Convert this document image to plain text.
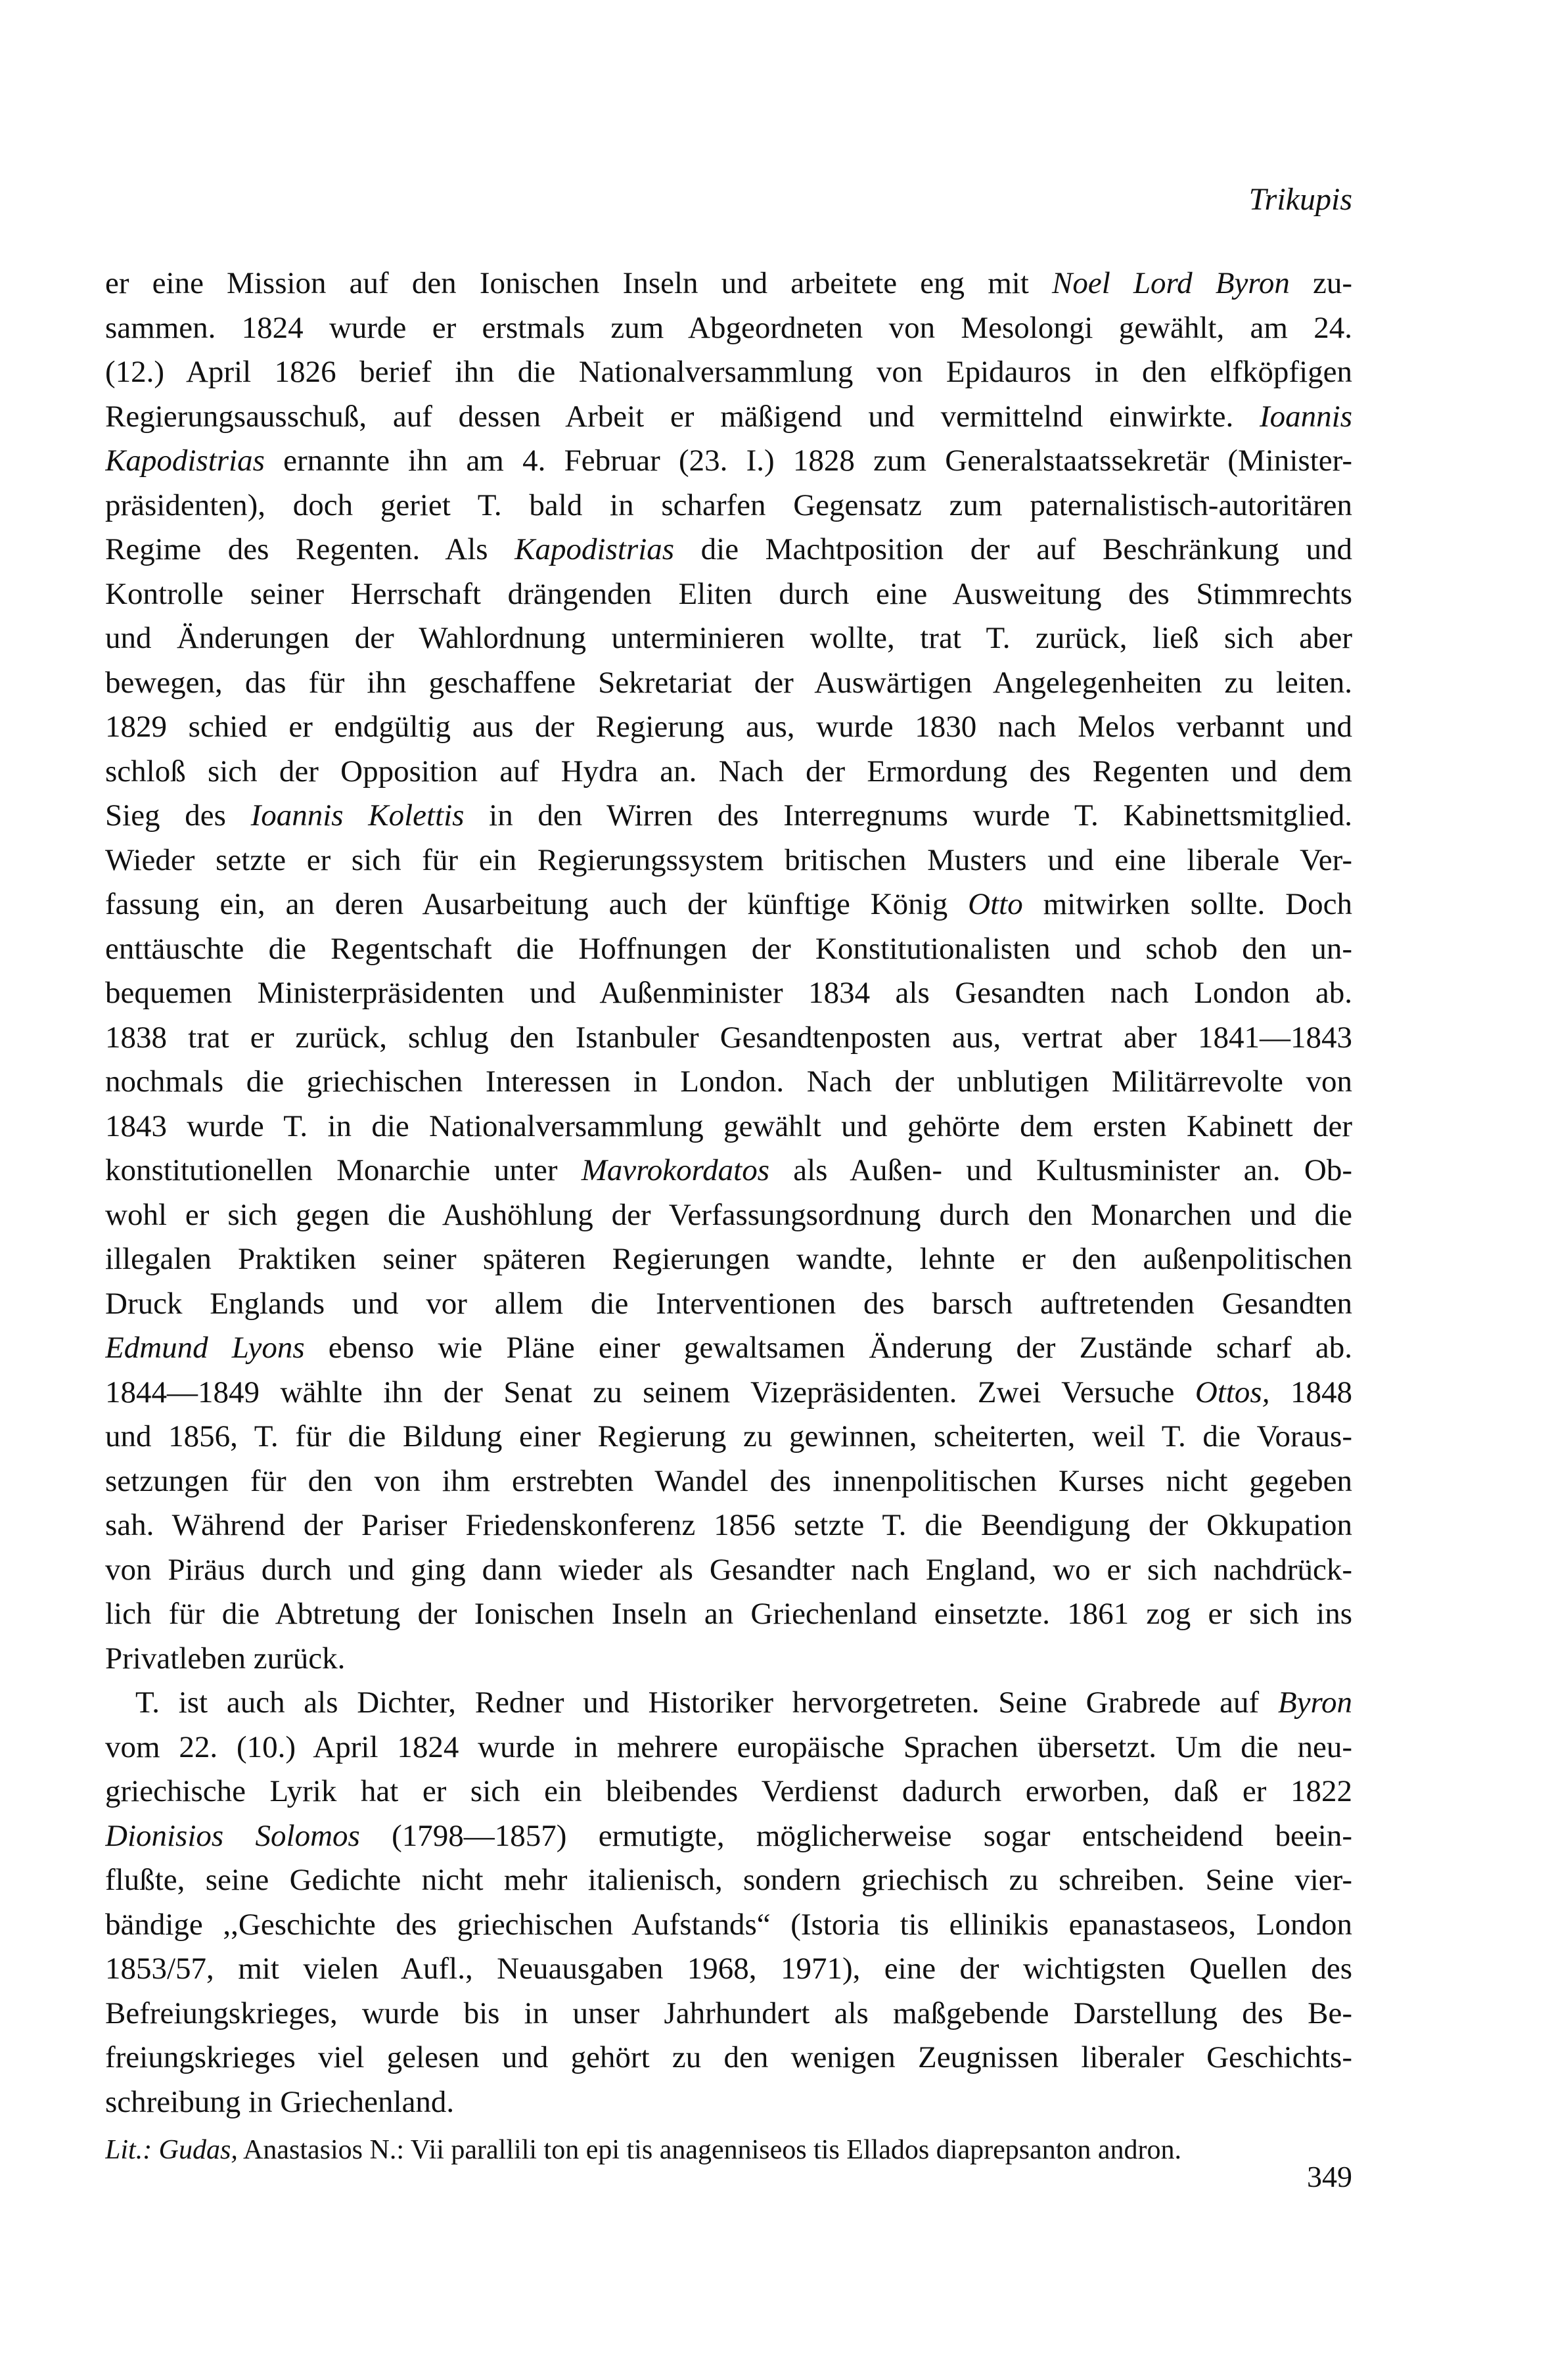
Trikupis
er eine Mission auf den Ionischen Inseln und arbeitete eng mit Noel Lord Byron zu-
sammen. 1824 wurde er erstmals zum Abgeordneten von Mesolongi gewählt, am 24.
(12.) April 1826 berief ihn die Nationalversammlung von Epidauros in den elfköpfigen
Regierungsausschuß, auf dessen Arbeit er mäßigend und vermittelnd einwirkte. Ioannis
Kapodistrias ernannte ihn am 4. Februar (23. I.) 1828 zum Generalstaatssekretär (Minister-
präsidenten), doch geriet T. bald in scharfen Gegensatz zum paternalistisch-autoritären
Regime des Regenten. Als Kapodistrias die Machtposition der auf Beschränkung und
Kontrolle seiner Herrschaft drängenden Eliten durch eine Ausweitung des Stimmrechts
und Änderungen der Wahlordnung unterminieren wollte, trat T. zurück, ließ sich aber
bewegen, das für ihn geschaffene Sekretariat der Auswärtigen Angelegenheiten zu leiten.
1829 schied er endgültig aus der Regierung aus, wurde 1830 nach Melos verbannt und
schloß sich der Opposition auf Hydra an. Nach der Ermordung des Regenten und dem
Sieg des Ioannis Kolettis in den Wirren des Interregnums wurde T. Kabinettsmitglied.
Wieder setzte er sich für ein Regierungssystem britischen Musters und eine liberale Ver-
fassung ein, an deren Ausarbeitung auch der künftige König Otto mitwirken sollte. Doch
enttäuschte die Regentschaft die Hoffnungen der Konstitutionalisten und schob den un-
bequemen Ministerpräsidenten und Außenminister 1834 als Gesandten nach London ab.
1838 trat er zurück, schlug den Istanbuler Gesandtenposten aus, vertrat aber 1841—1843
nochmals die griechischen Interessen in London. Nach der unblutigen Militärrevolte von
1843 wurde T. in die Nationalversammlung gewählt und gehörte dem ersten Kabinett der
konstitutionellen Monarchie unter Mavrokordatos als Außen- und Kultusminister an. Ob-
wohl er sich gegen die Aushöhlung der Verfassungsordnung durch den Monarchen und die
illegalen Praktiken seiner späteren Regierungen wandte, lehnte er den außenpolitischen
Druck Englands und vor allem die Interventionen des barsch auftretenden Gesandten
Edmund Lyons ebenso wie Pläne einer gewaltsamen Änderung der Zustände scharf ab.
1844—1849 wählte ihn der Senat zu seinem Vizepräsidenten. Zwei Versuche Ottos, 1848
und 1856, T. für die Bildung einer Regierung zu gewinnen, scheiterten, weil T. die Voraus-
setzungen für den von ihm erstrebten Wandel des innenpolitischen Kurses nicht gegeben
sah. Während der Pariser Friedenskonferenz 1856 setzte T. die Beendigung der Okkupation
von Piräus durch und ging dann wieder als Gesandter nach England, wo er sich nachdrück-
lich für die Abtretung der Ionischen Inseln an Griechenland einsetzte. 1861 zog er sich ins
Privatleben zurück.
T. ist auch als Dichter, Redner und Historiker hervorgetreten. Seine Grabrede auf Byron
vom 22. (10.) April 1824 wurde in mehrere europäische Sprachen übersetzt. Um die neu-
griechische Lyrik hat er sich ein bleibendes Verdienst dadurch erworben, daß er 1822
Dionisios Solomos (1798—1857) ermutigte, möglicherweise sogar entscheidend beein-
flußte, seine Gedichte nicht mehr italienisch, sondern griechisch zu schreiben. Seine vier-
bändige ,,Geschichte des griechischen Aufstands“ (Istoria tis ellinikis epanastaseos, London
1853/57, mit vielen Aufl., Neuausgaben 1968, 1971), eine der wichtigsten Quellen des
Befreiungskrieges, wurde bis in unser Jahrhundert als maßgebende Darstellung des Be-
freiungskrieges viel gelesen und gehört zu den wenigen Zeugnissen liberaler Geschichts-
schreibung in Griechenland.
Lit.: Gudas, Anastasios N.: Vii parallili ton epi tis anagenniseos tis Ellados diaprepsanton andron.
349
